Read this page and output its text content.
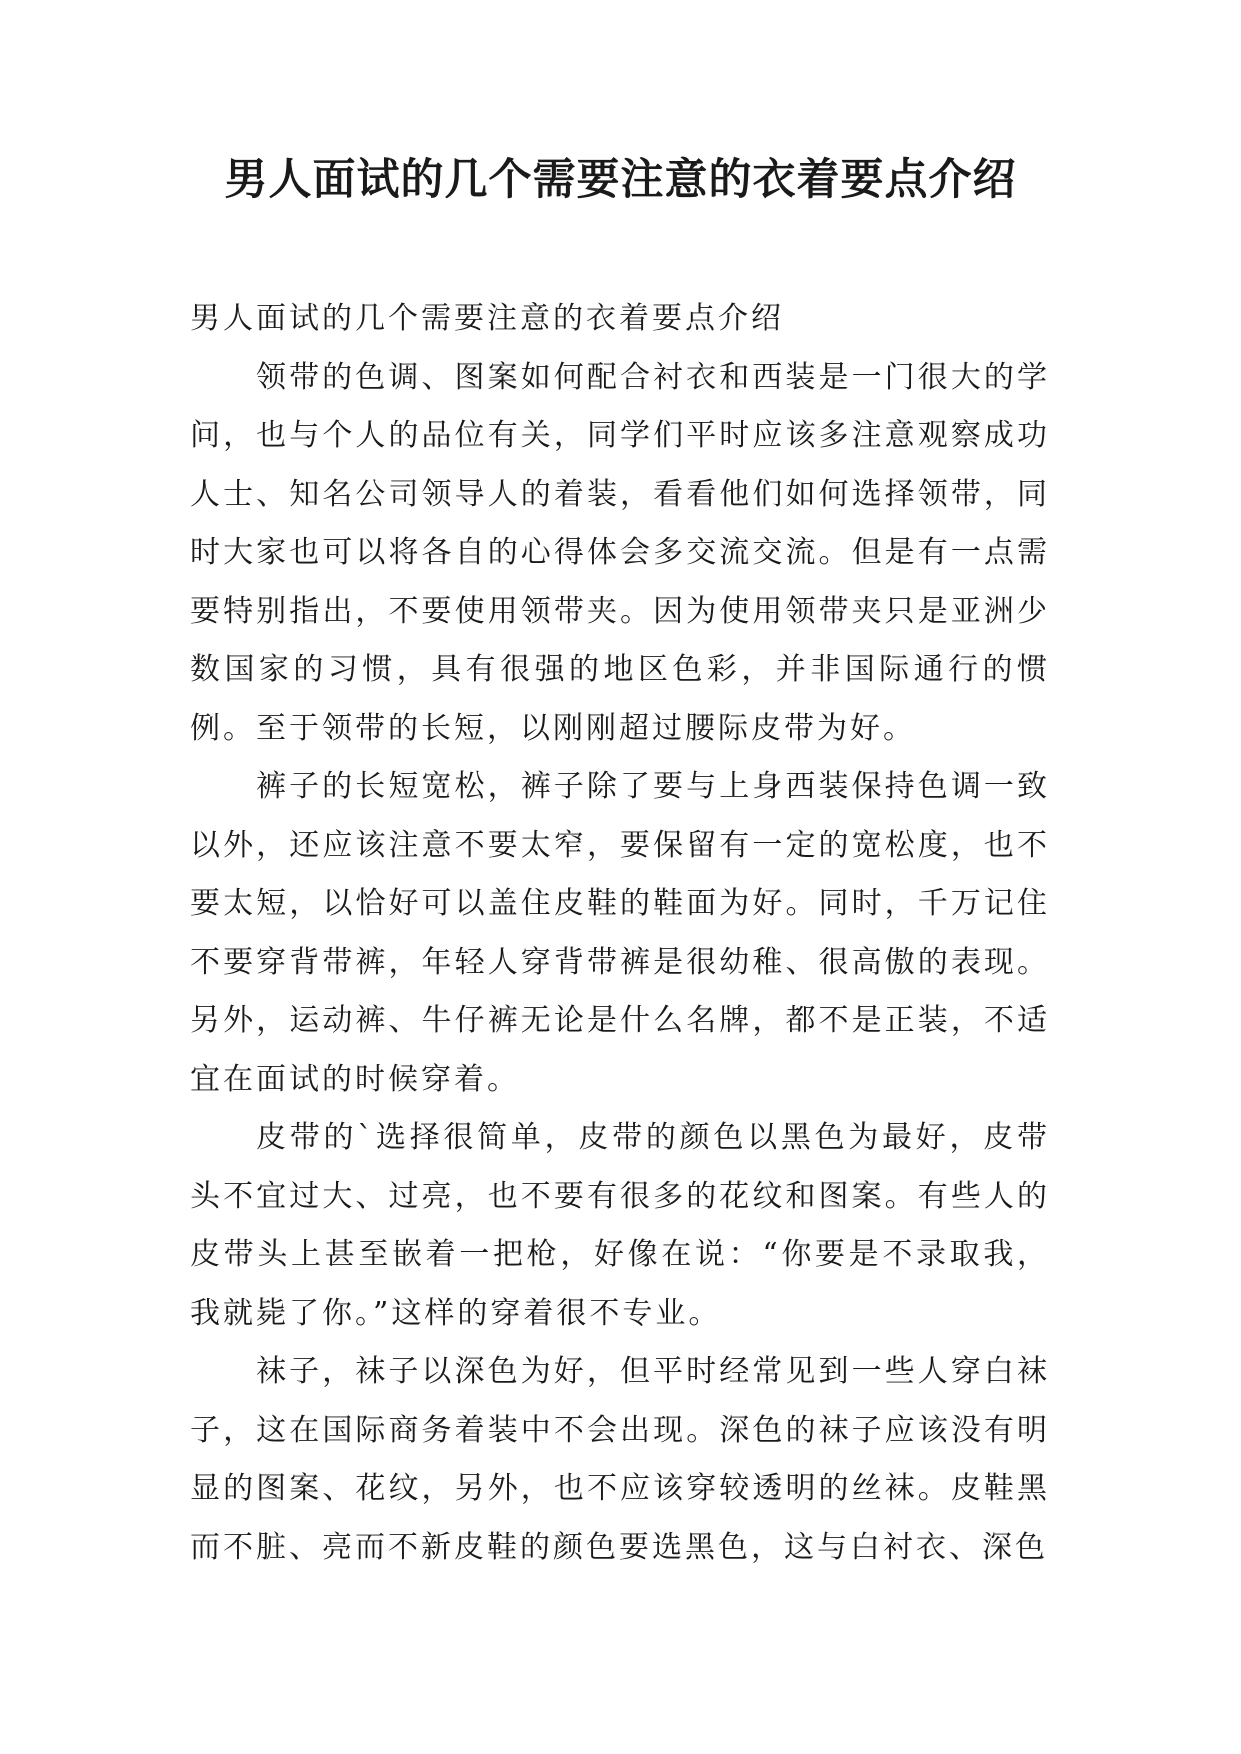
男人面试的几个需要注意的衣着要点介绍

男人面试的几个需要注意的衣着要点介绍

领带的色调、图案如何配合衬衣和西装是一门很大的学问，也与个人的品位有关，同学们平时应该多注意观察成功人士、知名公司领导人的着装，看看他们如何选择领带，同时大家也可以将各自的心得体会多交流交流。但是有一点需要特别指出，不要使用领带夹。因为使用领带夹只是亚洲少数国家的习惯，具有很强的地区色彩，并非国际通行的惯例。至于领带的长短，以刚刚超过腰际皮带为好。

裤子的长短宽松，裤子除了要与上身西装保持色调一致以外，还应该注意不要太窄，要保留有一定的宽松度，也不要太短，以恰好可以盖住皮鞋的鞋面为好。同时，千万记住不要穿背带裤，年轻人穿背带裤是很幼稚、很高傲的表现。另外，运动裤、牛仔裤无论是什么名牌，都不是正装，不适宜在面试的时候穿着。

皮带的`选择很简单，皮带的颜色以黑色为最好，皮带头不宜过大、过亮，也不要有很多的花纹和图案。有些人的皮带头上甚至嵌着一把枪，好像在说：“你要是不录取我，我就毙了你。”这样的穿着很不专业。

袜子，袜子以深色为好，但平时经常见到一些人穿白袜子，这在国际商务着装中不会出现。深色的袜子应该没有明显的图案、花纹，另外，也不应该穿较透明的丝袜。皮鞋黑而不脏、亮而不新皮鞋的颜色要选黑色，这与白衬衣、深色
